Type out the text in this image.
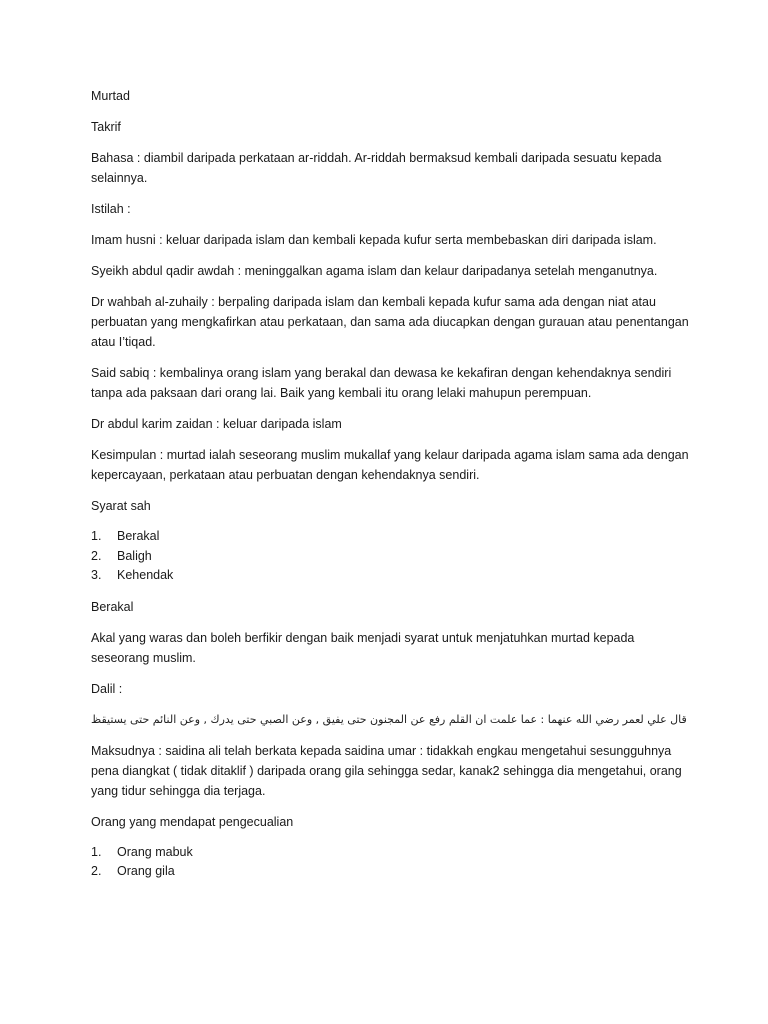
Murtad

Takrif

Bahasa : diambil daripada perkataan ar-riddah. Ar-riddah bermaksud kembali daripada sesuatu kepada selainnya.

Istilah :

Imam husni : keluar daripada islam dan kembali kepada kufur serta membebaskan diri daripada islam.

Syeikh abdul qadir awdah : meninggalkan agama islam dan kelaur daripadanya setelah menganutnya.

Dr wahbah al-zuhaily : berpaling daripada islam dan kembali kepada kufur sama ada dengan niat atau perbuatan yang mengkafirkan atau perkataan, dan sama ada diucapkan dengan gurauan atau penentangan atau I’tiqad.

Said sabiq : kembalinya orang islam yang berakal dan dewasa ke kekafiran dengan kehendaknya sendiri tanpa ada paksaan dari orang lai. Baik yang kembali itu orang lelaki mahupun perempuan.

Dr abdul karim zaidan : keluar daripada islam

Kesimpulan : murtad ialah seseorang muslim mukallaf yang kelaur daripada agama islam sama ada dengan kepercayaan, perkataan atau perbuatan dengan kehendaknya sendiri.

Syarat sah

1.	Berakal
2.	Baligh
3.	Kehendak

Berakal

Akal yang waras dan boleh berfikir dengan baik menjadi syarat untuk menjatuhkan murtad kepada seseorang muslim.

Dalil :

قال علي لعمر رضي الله عنهما : عما علمت ان القلم رفع عن المجنون حتى يفيق , وعن الصبي حتى يدرك , وعن النائم حتى يستيقظ

Maksudnya : saidina ali telah berkata kepada saidina umar : tidakkah engkau mengetahui sesungguhnya pena diangkat ( tidak ditaklif ) daripada orang gila sehingga sedar, kanak2 sehingga dia mengetahui, orang yang tidur sehingga dia terjaga.

Orang yang mendapat pengecualian

1.	Orang mabuk
2.	Orang gila
